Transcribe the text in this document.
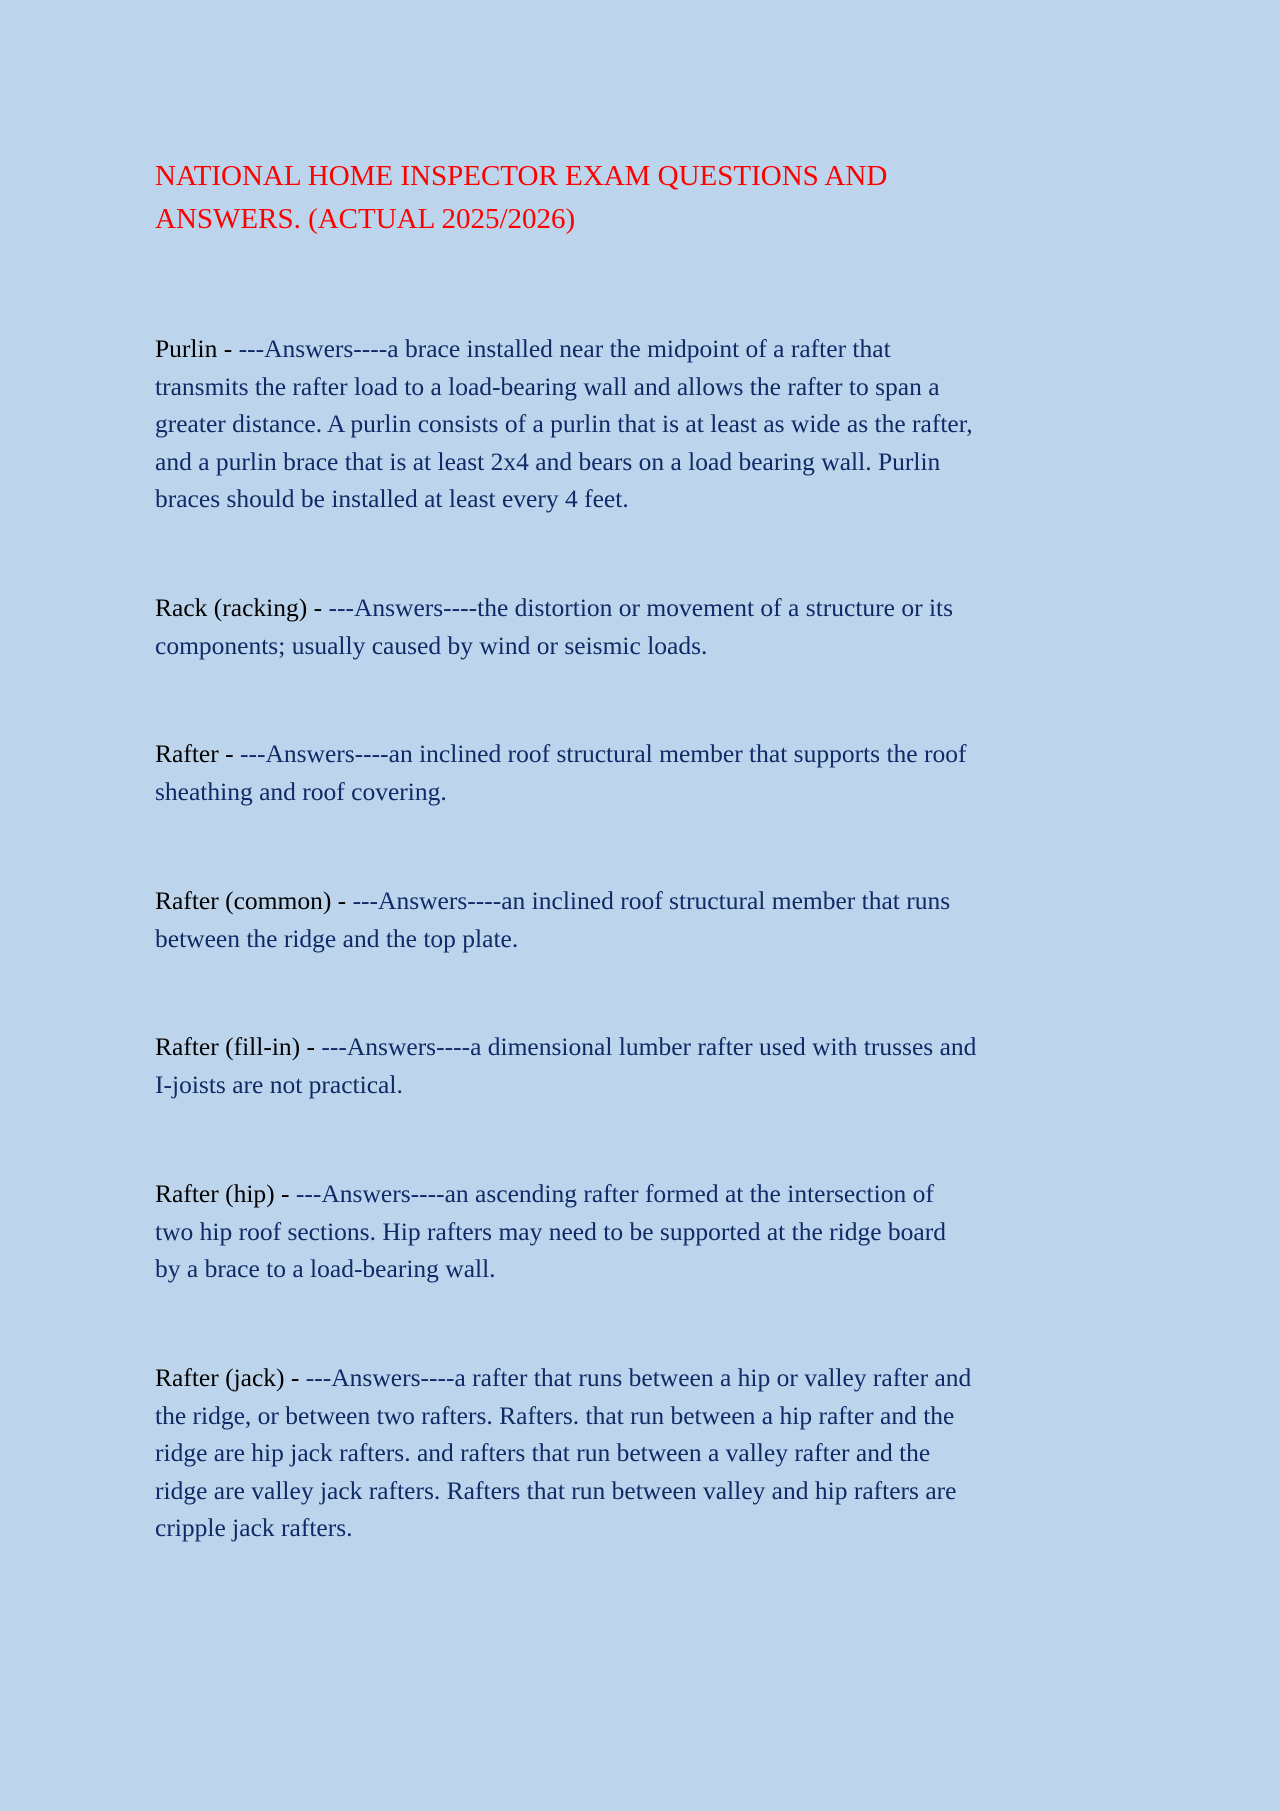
NATIONAL HOME INSPECTOR EXAM QUESTIONS AND
ANSWERS. (ACTUAL 2025/2026)
Purlin - ---Answers----a brace installed near the midpoint of a rafter that
transmits the rafter load to a load-bearing wall and allows the rafter to span a
greater distance. A purlin consists of a purlin that is at least as wide as the rafter,
and a purlin brace that is at least 2x4 and bears on a load bearing wall. Purlin
braces should be installed at least every 4 feet.
Rack (racking) - ---Answers----the distortion or movement of a structure or its
components; usually caused by wind or seismic loads.
Rafter - ---Answers----an inclined roof structural member that supports the roof
sheathing and roof covering.
Rafter (common) - ---Answers----an inclined roof structural member that runs
between the ridge and the top plate.
Rafter (fill-in) - ---Answers----a dimensional lumber rafter used with trusses and
I-joists are not practical.
Rafter (hip) - ---Answers----an ascending rafter formed at the intersection of
two hip roof sections. Hip rafters may need to be supported at the ridge board
by a brace to a load-bearing wall.
Rafter (jack) - ---Answers----a rafter that runs between a hip or valley rafter and
the ridge, or between two rafters. Rafters. that run between a hip rafter and the
ridge are hip jack rafters. and rafters that run between a valley rafter and the
ridge are valley jack rafters. Rafters that run between valley and hip rafters are
cripple jack rafters.
